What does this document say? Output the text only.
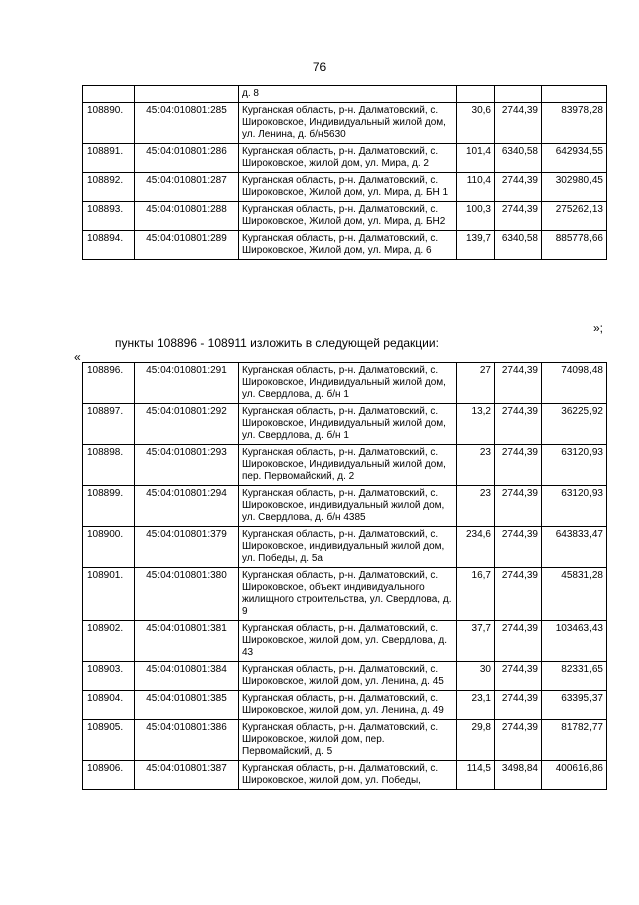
76
		д. 8			
108890.	45:04:010801:285	Курганская область, р-н. Далматовский, с. Широковское, Индивидуальный жилой дом, ул. Ленина, д. б/н5630	30,6	2744,39	83978,28
108891.	45:04:010801:286	Курганская область, р-н. Далматовский, с. Широковское, жилой дом, ул. Мира, д. 2	101,4	6340,58	642934,55
108892.	45:04:010801:287	Курганская область, р-н. Далматовский, с. Широковское, Жилой дом, ул. Мира, д. БН 1	110,4	2744,39	302980,45
108893.	45:04:010801:288	Курганская область, р-н. Далматовский, с. Широковское, Жилой дом, ул. Мира, д. БН2	100,3	2744,39	275262,13
108894.	45:04:010801:289	Курганская область, р-н. Далматовский, с. Широковское, Жилой дом, ул. Мира, д. 6	139,7	6340,58	885778,66
»;
пункты 108896 - 108911 изложить в следующей редакции:
«
108896.	45:04:010801:291	Курганская область, р-н. Далматовский, с. Широковское, Индивидуальный жилой дом, ул. Свердлова, д. б/н 1	27	2744,39	74098,48
108897.	45:04:010801:292	Курганская область, р-н. Далматовский, с. Широковское, Индивидуальный жилой дом, ул. Свердлова, д. б/н 1	13,2	2744,39	36225,92
108898.	45:04:010801:293	Курганская область, р-н. Далматовский, с. Широковское, Индивидуальный жилой дом, пер. Первомайский, д. 2	23	2744,39	63120,93
108899.	45:04:010801:294	Курганская область, р-н. Далматовский, с. Широковское, индивидуальный жилой дом, ул. Свердлова, д. б/н 4385	23	2744,39	63120,93
108900.	45:04:010801:379	Курганская область, р-н. Далматовский, с. Широковское, индивидуальный жилой дом, ул. Победы, д. 5а	234,6	2744,39	643833,47
108901.	45:04:010801:380	Курганская область, р-н. Далматовский, с. Широковское, объект индивидуального жилищного строительства, ул. Свердлова, д. 9	16,7	2744,39	45831,28
108902.	45:04:010801:381	Курганская область, р-н. Далматовский, с. Широковское, жилой дом, ул. Свердлова, д. 43	37,7	2744,39	103463,43
108903.	45:04:010801:384	Курганская область, р-н. Далматовский, с. Широковское, жилой дом, ул. Ленина, д. 45	30	2744,39	82331,65
108904.	45:04:010801:385	Курганская область, р-н. Далматовский, с. Широковское, жилой дом, ул. Ленина, д. 49	23,1	2744,39	63395,37
108905.	45:04:010801:386	Курганская область, р-н. Далматовский, с. Широковское, жилой дом, пер. Первомайский, д. 5	29,8	2744,39	81782,77
108906.	45:04:010801:387	Курганская область, р-н. Далматовский, с. Широковское, жилой дом, ул. Победы,	114,5	3498,84	400616,86
